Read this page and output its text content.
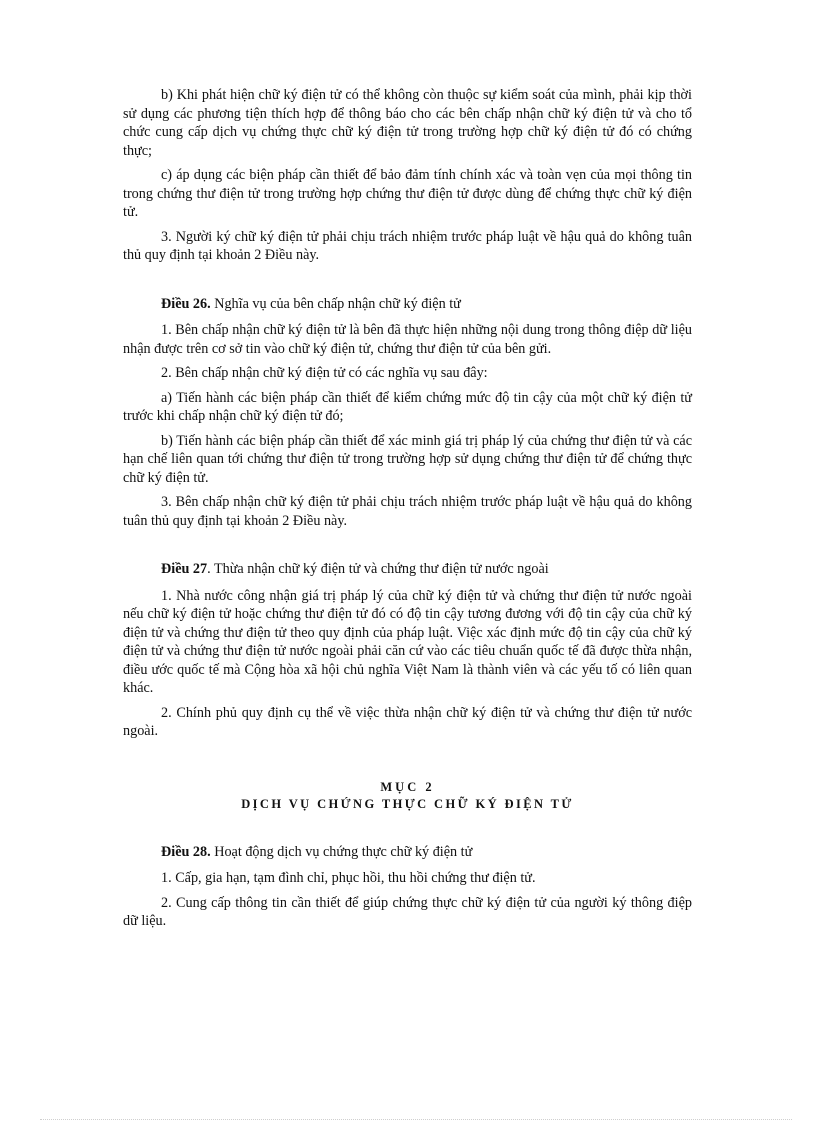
b) Khi phát hiện chữ ký điện tử có thể không còn thuộc sự kiểm soát của mình, phải kịp thời sử dụng các phương tiện thích hợp để thông báo cho các bên chấp nhận chữ ký điện tử và cho tổ chức cung cấp dịch vụ chứng thực chữ ký điện tử trong trường hợp chữ ký điện tử đó có chứng thực;

c) áp dụng các biện pháp cần thiết để bảo đảm tính chính xác và toàn vẹn của mọi thông tin trong chứng thư điện tử trong trường hợp chứng thư điện tử được dùng để chứng thực chữ ký điện tử.

3. Người ký chữ ký điện tử phải chịu trách nhiệm trước pháp luật về hậu quả do không tuân thủ quy định tại khoản 2 Điều này.

Điều 26. Nghĩa vụ của bên chấp nhận chữ ký điện tử

1. Bên chấp nhận chữ ký điện tử là bên đã thực hiện những nội dung trong thông điệp dữ liệu nhận được trên cơ sở tin vào chữ ký điện tử, chứng thư điện tử của bên gửi.

2. Bên chấp nhận chữ ký điện tử có các nghĩa vụ sau đây:

a) Tiến hành các biện pháp cần thiết để kiểm chứng mức độ tin cậy của một chữ ký điện tử trước khi chấp nhận chữ ký điện tử đó;

b) Tiến hành các biện pháp cần thiết để xác minh giá trị pháp lý của chứng thư điện tử và các hạn chế liên quan tới chứng thư điện tử trong trường hợp sử dụng chứng thư điện tử để chứng thực chữ ký điện tử.

3. Bên chấp nhận chữ ký điện tử phải chịu trách nhiệm trước pháp luật về hậu quả do không tuân thủ quy định tại khoản 2 Điều này.

Điều 27. Thừa nhận chữ ký điện tử và chứng thư điện tử nước ngoài

1. Nhà nước công nhận giá trị pháp lý của chữ ký điện tử và chứng thư điện tử nước ngoài nếu chữ ký điện tử hoặc chứng thư điện tử đó có độ tin cậy tương đương với độ tin cậy của chữ ký điện tử và chứng thư điện tử theo quy định của pháp luật. Việc xác định mức độ tin cậy của chữ ký điện tử và chứng thư điện tử nước ngoài phải căn cứ vào các tiêu chuẩn quốc tế đã được thừa nhận, điều ước quốc tế mà Cộng hòa xã hội chủ nghĩa Việt Nam là thành viên và các yếu tố có liên quan khác.

2. Chính phủ quy định cụ thể về việc thừa nhận chữ ký điện tử và chứng thư điện tử nước ngoài.

MỤC 2
DỊCH VỤ CHỨNG THỰC CHỮ KÝ ĐIỆN TỬ

Điều 28. Hoạt động dịch vụ chứng thực chữ ký điện tử

1. Cấp, gia hạn, tạm đình chỉ, phục hồi, thu hồi chứng thư điện tử.

2. Cung cấp thông tin cần thiết để giúp chứng thực chữ ký điện tử của người ký thông điệp dữ liệu.
